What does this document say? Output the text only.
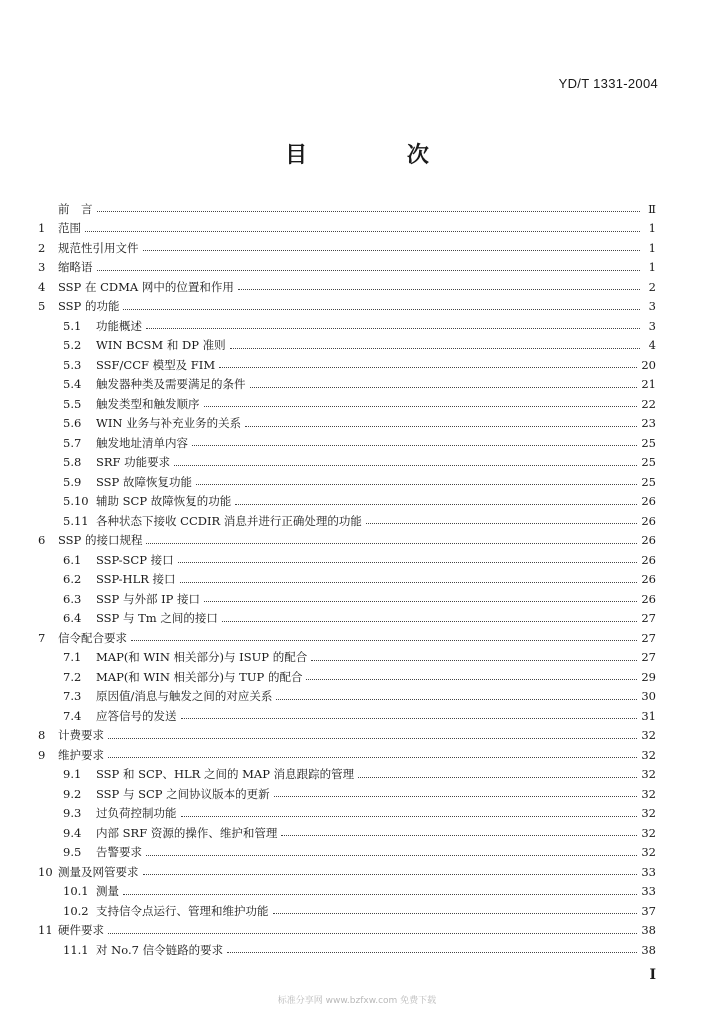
YD/T 1331-2004
目 次
前　言	Ⅱ
1	范围	1
2	规范性引用文件	1
3	缩略语	1
4	SSP 在 CDMA 网中的位置和作用	2
5	SSP 的功能	3
5.1	功能概述	3
5.2	WIN BCSM 和 DP 准则	4
5.3	SSF/CCF 模型及 FIM	20
5.4	触发器种类及需要满足的条件	21
5.5	触发类型和触发顺序	22
5.6	WIN 业务与补充业务的关系	23
5.7	触发地址清单内容	25
5.8	SRF 功能要求	25
5.9	SSP 故障恢复功能	25
5.10 辅助 SCP 故障恢复的功能	26
5.11 各种状态下接收 CCDIR 消息并进行正确处理的功能	26
6	SSP 的接口规程	26
6.1	SSP-SCP 接口	26
6.2	SSP-HLR 接口	26
6.3	SSP 与外部 IP 接口	26
6.4	SSP 与 Tm 之间的接口	27
7	信令配合要求	27
7.1	MAP(和 WIN 相关部分)与 ISUP 的配合	27
7.2	MAP(和 WIN 相关部分)与 TUP 的配合	29
7.3	原因值/消息与触发之间的对应关系	30
7.4	应答信号的发送	31
8	计费要求	32
9	维护要求	32
9.1	SSP 和 SCP、HLR 之间的 MAP 消息跟踪的管理	32
9.2	SSP 与 SCP 之间协议版本的更新	32
9.3	过负荷控制功能	32
9.4	内部 SRF 资源的操作、维护和管理	32
9.5	告警要求	32
10 测量及网管要求	33
10.1 测量	33
10.2 支持信令点运行、管理和维护功能	37
11 硬件要求	38
11.1 对 No.7 信令链路的要求	38
I
标准分享网 www.bzfxw.com 免费下载
